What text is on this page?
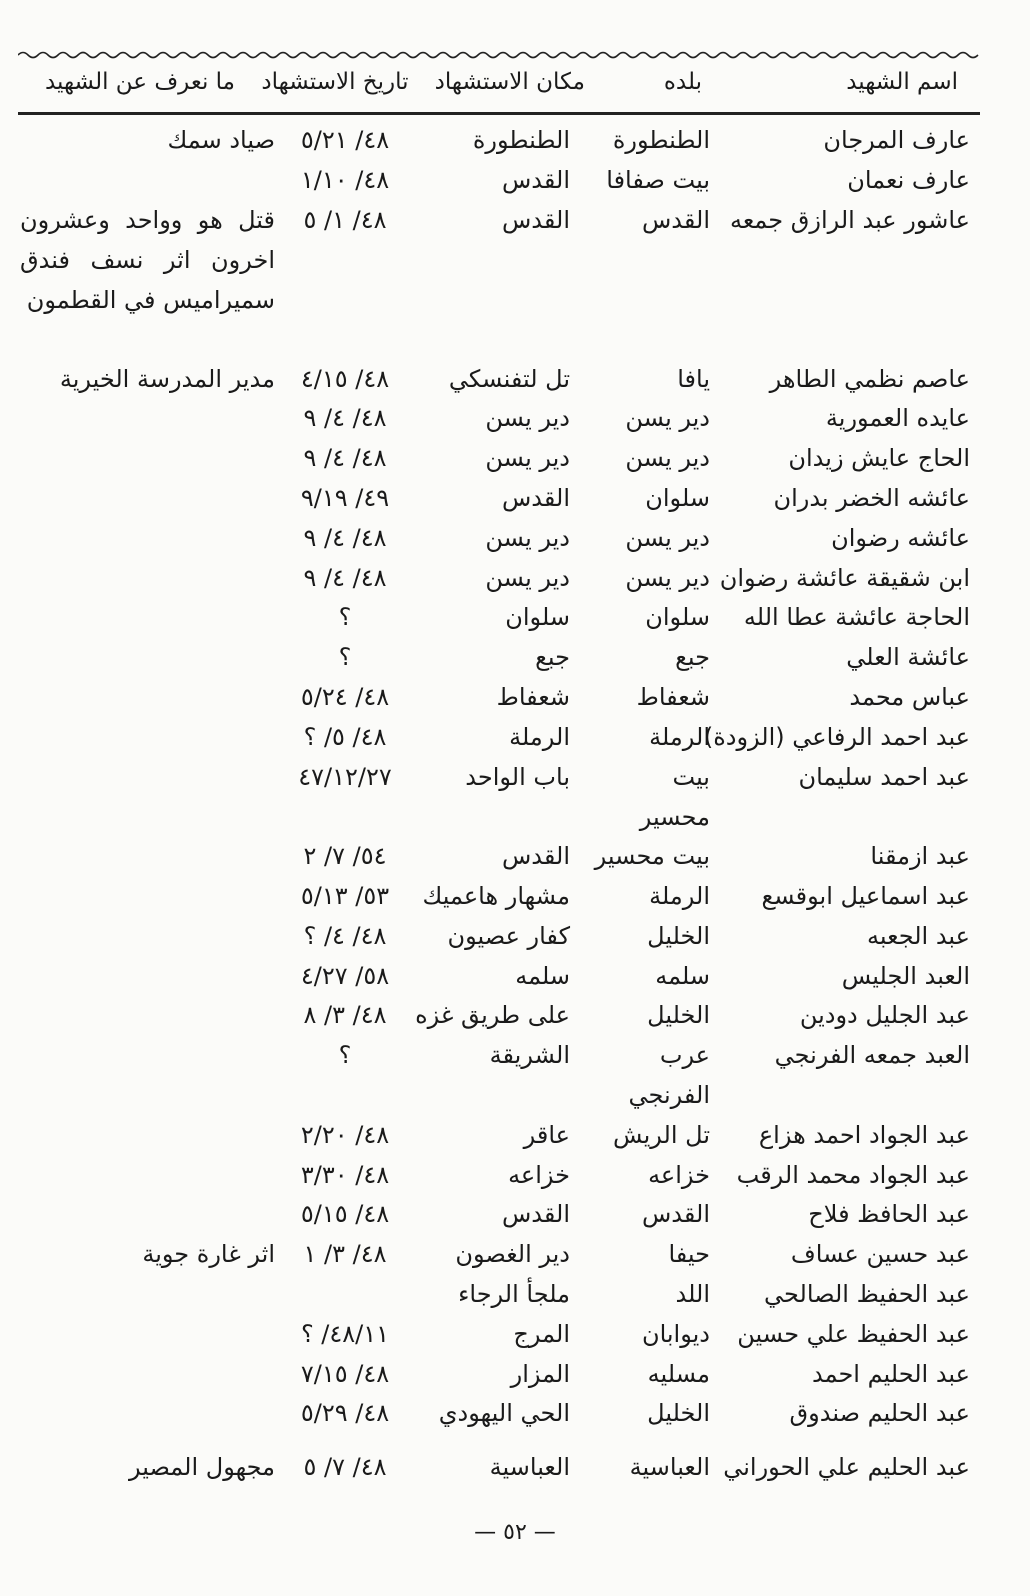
اسم الشهيد
بلده
مكان الاستشهاد
تاريخ الاستشهاد
ما نعرف عن الشهيد
عارف المرجان
الطنطورة
الطنطورة
٤٨/ ٥/٢١
صياد سمك
عارف نعمان
بيت صفافا
القدس
٤٨/ ١/١٠
عاشور عبد الرازق جمعه
القدس
القدس
٤٨/ ١/ ٥
قتل هو وواحد وعشرون اخرون اثر نسف فندق سميراميس في القطمون
عاصم نظمي الطاهر
يافا
تل لتفنسكي
٤٨/ ٤/١٥
مدير المدرسة الخيرية
عايده العمورية
دير يسن
دير يسن
٤٨/ ٤/ ٩
الحاج عايش زيدان
دير يسن
دير يسن
٤٨/ ٤/ ٩
عائشه الخضر بدران
سلوان
القدس
٤٩/ ٩/١٩
عائشه رضوان
دير يسن
دير يسن
٤٨/ ٤/ ٩
ابن شقيقة عائشة رضوان
دير يسن
دير يسن
٤٨/ ٤/ ٩
الحاجة عائشة عطا الله
سلوان
سلوان
؟
عائشة العلي
جبع
جبع
؟
عباس محمد
شعفاط
شعفاط
٤٨/ ٥/٢٤
عبد احمد الرفاعي (الزودة)
الرملة
الرملة
٤٨/ ٥/ ؟
عبد احمد سليمان
بيت محسير
باب الواحد
٤٧/١٢/٢٧
عبد ازمقنا
بيت محسير
القدس
٥٤/ ٧/ ٢
عبد اسماعيل ابوقسع
الرملة
مشهار هاعميك
٥٣/ ٥/١٣
عبد الجعبه
الخليل
كفار عصيون
٤٨/ ٤/ ؟
العبد الجليس
سلمه
سلمه
٥٨/ ٤/٢٧
عبد الجليل دودين
الخليل
على طريق غزه
٤٨/ ٣/ ٨
العبد جمعه الفرنجي
عرب الفرنجي
الشريقة
؟
عبد الجواد احمد هزاع
تل الريش
عاقر
٤٨/ ٢/٢٠
عبد الجواد محمد الرقب
خزاعه
خزاعه
٤٨/ ٣/٣٠
عبد الحافظ فلاح
القدس
القدس
٤٨/ ٥/١٥
عبد حسين عساف
حيفا
دير الغصون
٤٨/ ٣/ ١
اثر غارة جوية
عبد الحفيظ الصالحي
اللد
ملجأ الرجاء
عبد الحفيظ علي حسين
ديوابان
المرج
٤٨/١١/ ؟
عبد الحليم احمد
مسليه
المزار
٤٨/ ٧/١٥
عبد الحليم صندوق
الخليل
الحي اليهودي
٤٨/ ٥/٢٩
عبد الحليم علي الحوراني
العباسية
العباسية
٤٨/ ٧/ ٥
مجهول المصير
— ٥٢ —
